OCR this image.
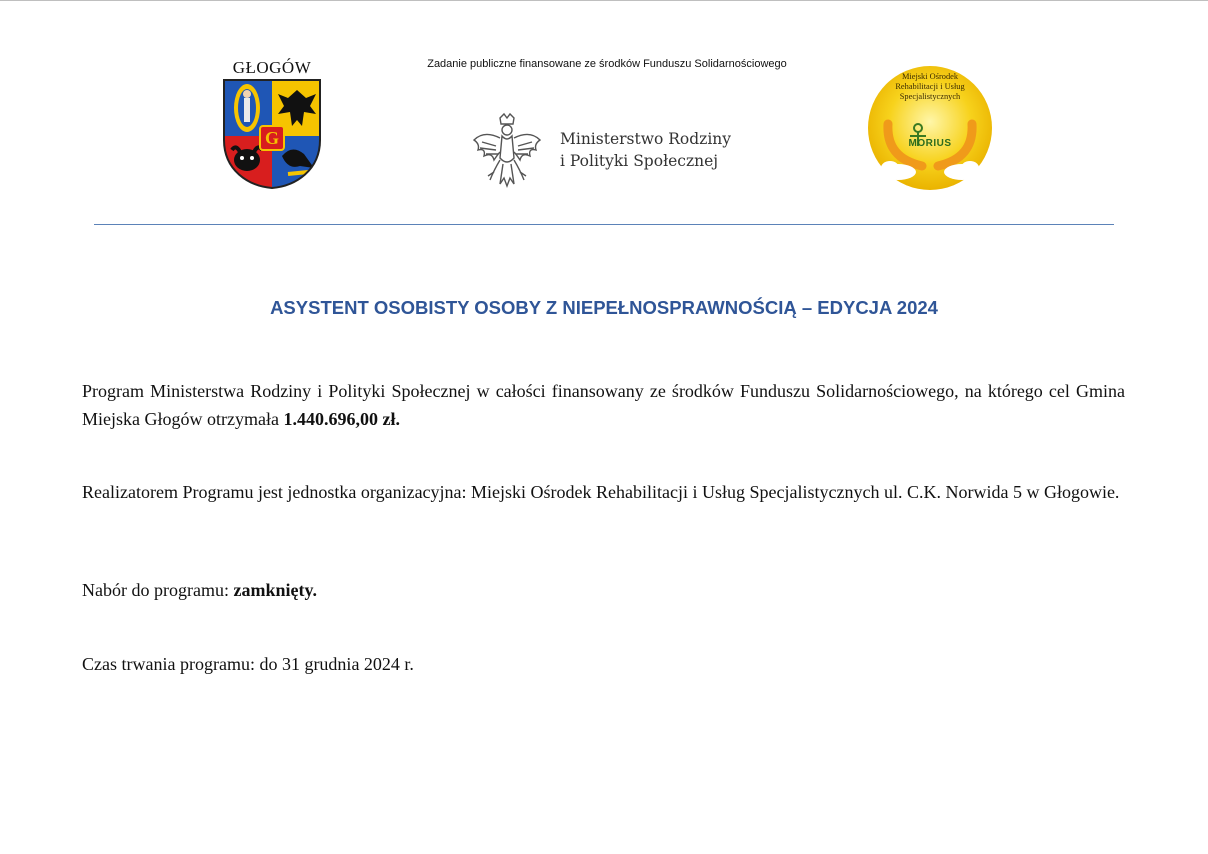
GŁOGÓW
G
Zadanie publiczne finansowane ze środków Funduszu Solidarnościowego
Ministerstwo Rodziny
i Polityki Społecznej
Miejski Ośrodek
Rehabilitacji i Usług
Specjalistycznych
MORIUS
ASYSTENT OSOBISTY OSOBY Z NIEPEŁNOSPRAWNOŚCIĄ – EDYCJA 2024
Program Ministerstwa Rodziny i Polityki Społecznej w całości finansowany ze środków Funduszu Solidarnościowego, na którego cel Gmina Miejska Głogów otrzymała 1.440.696,00 zł.
Realizatorem Programu jest jednostka organizacyjna: Miejski Ośrodek Rehabilitacji i Usług Specjalistycznych ul. C.K. Norwida 5 w Głogowie.
Nabór do programu: zamknięty.
Czas trwania programu: do 31 grudnia 2024 r.
